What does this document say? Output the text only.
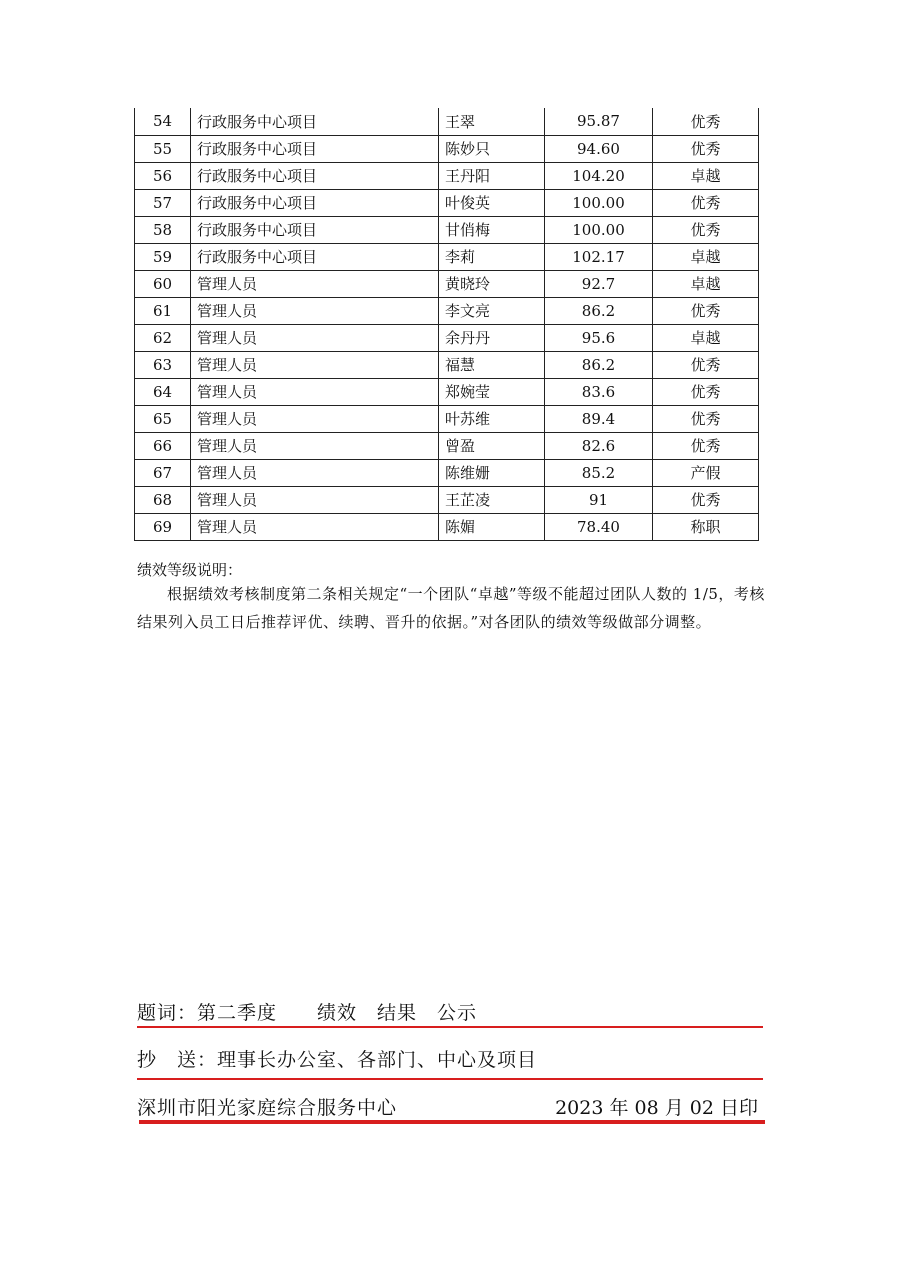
54	行政服务中心项目	王翠	95.87	优秀
55	行政服务中心项目	陈妙只	94.60	优秀
56	行政服务中心项目	王丹阳	104.20	卓越
57	行政服务中心项目	叶俊英	100.00	优秀
58	行政服务中心项目	甘俏梅	100.00	优秀
59	行政服务中心项目	李莉	102.17	卓越
60	管理人员	黄晓玲	92.7	卓越
61	管理人员	李文亮	86.2	优秀
62	管理人员	余丹丹	95.6	卓越
63	管理人员	福慧	86.2	优秀
64	管理人员	郑婉莹	83.6	优秀
65	管理人员	叶苏维	89.4	优秀
66	管理人员	曾盈	82.6	优秀
67	管理人员	陈维姗	85.2	产假
68	管理人员	王芷凌	91	优秀
69	管理人员	陈媚	78.40	称职
绩效等级说明：
根据绩效考核制度第二条相关规定“一个团队“卓越”等级不能超过团队人数的 1/5，考核结果列入员工日后推荐评优、续聘、晋升的依据。”对各团队的绩效等级做部分调整。
题词：第二季度　　绩效　结果　公示
抄　送：理事长办公室、各部门、中心及项目
深圳市阳光家庭综合服务中心	2023 年 08 月 02 日印
